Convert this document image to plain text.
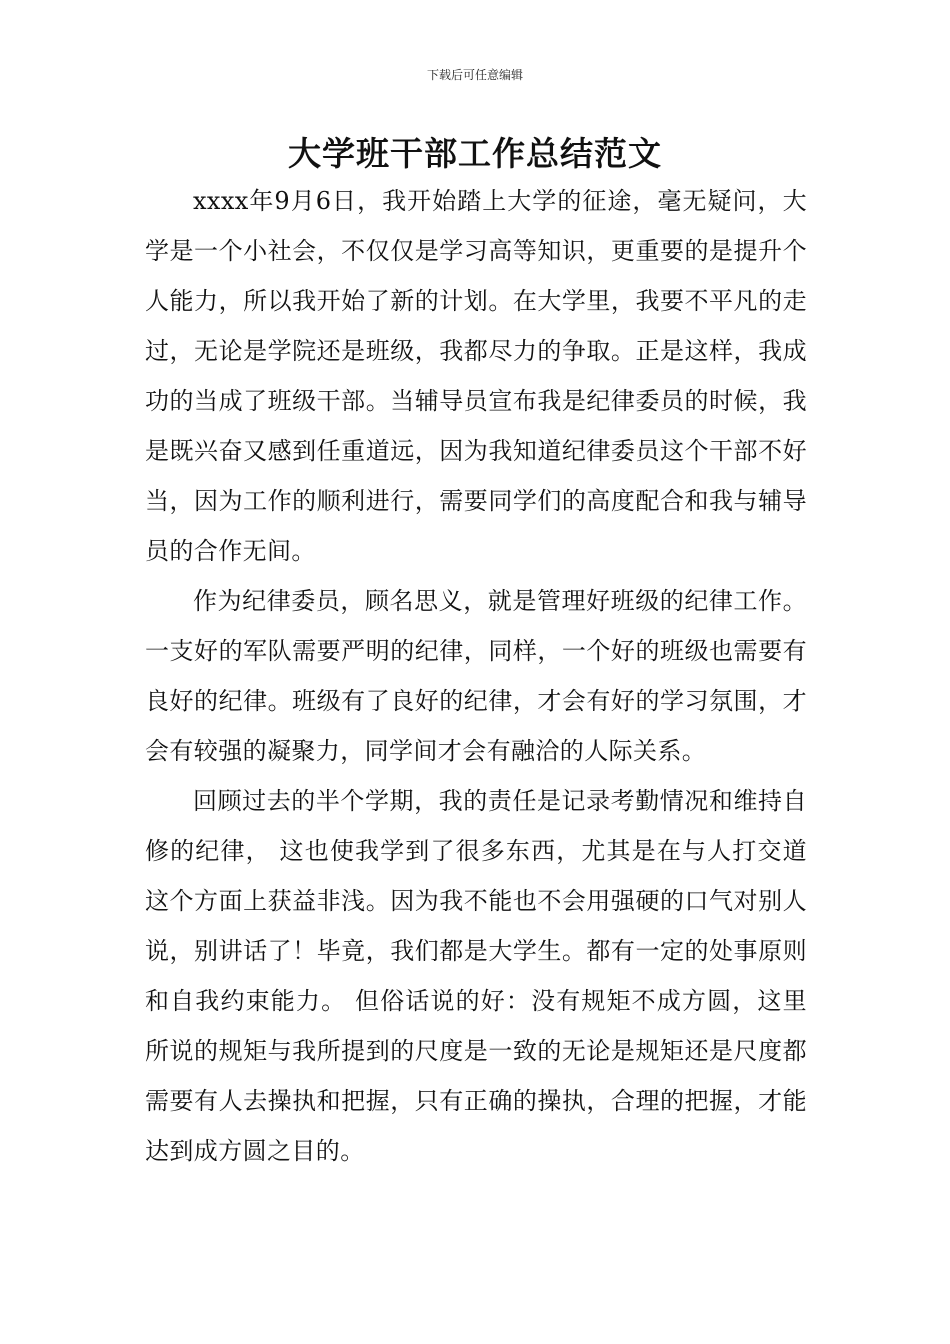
下载后可任意编辑
大学班干部工作总结范文

xxxx年9月6日，我开始踏上大学的征途，毫无疑问，大学是一个小社会，不仅仅是学习高等知识，更重要的是提升个人能力，所以我开始了新的计划。在大学里，我要不平凡的走过，无论是学院还是班级，我都尽力的争取。正是这样，我成功的当成了班级干部。当辅导员宣布我是纪律委员的时候，我是既兴奋又感到任重道远，因为我知道纪律委员这个干部不好当，因为工作的顺利进行，需要同学们的高度配合和我与辅导员的合作无间。

作为纪律委员，顾名思义，就是管理好班级的纪律工作。一支好的军队需要严明的纪律，同样，一个好的班级也需要有良好的纪律。班级有了良好的纪律，才会有好的学习氛围，才会有较强的凝聚力，同学间才会有融洽的人际关系。

回顾过去的半个学期，我的责任是记录考勤情况和维持自修的纪律， 这也使我学到了很多东西，尤其是在与人打交道这个方面上获益非浅。因为我不能也不会用强硬的口气对别人说，别讲话了！毕竟，我们都是大学生。都有一定的处事原则和自我约束能力。 但俗话说的好：没有规矩不成方圆，这里所说的规矩与我所提到的尺度是一致的无论是规矩还是尺度都需要有人去操执和把握，只有正确的操执，合理的把握，才能达到成方圆之目的。
